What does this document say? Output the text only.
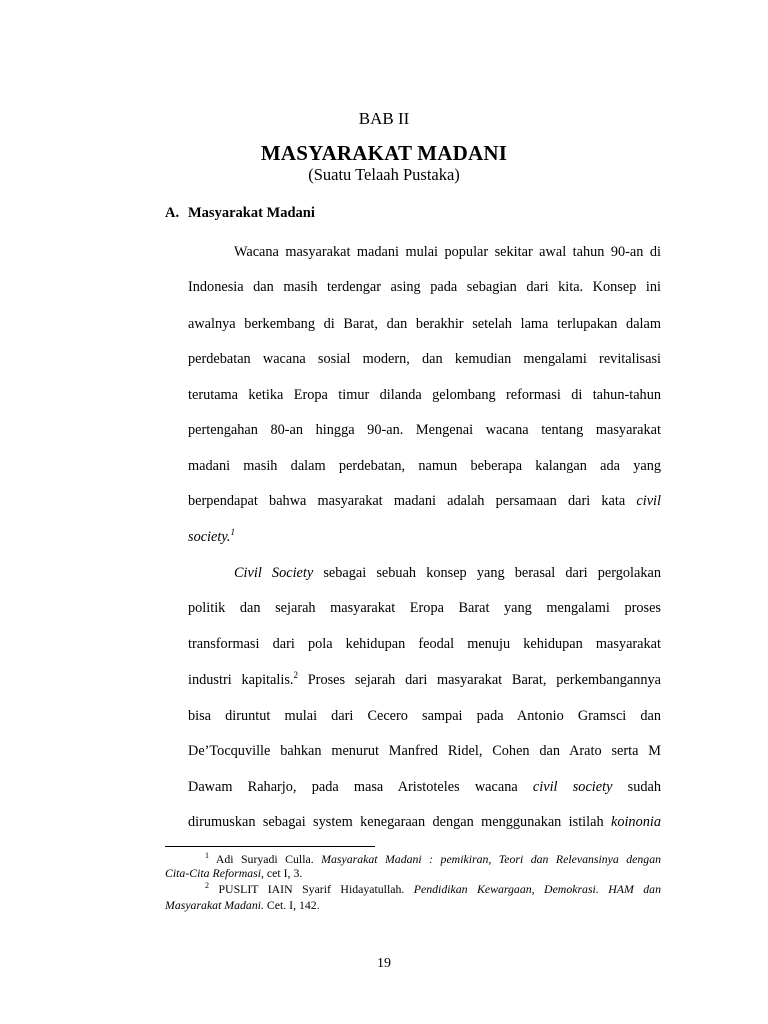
BAB II
MASYARAKAT MADANI
(Suatu Telaah Pustaka)
A. Masyarakat Madani
Wacana masyarakat madani mulai popular sekitar awal tahun 90-an di
Indonesia dan masih terdengar asing pada sebagian dari kita. Konsep ini
awalnya berkembang di Barat, dan berakhir setelah lama terlupakan dalam
perdebatan wacana sosial modern, dan kemudian mengalami revitalisasi
terutama ketika Eropa timur dilanda gelombang reformasi di tahun-tahun
pertengahan 80-an hingga 90-an. Mengenai wacana tentang masyarakat
madani masih dalam perdebatan, namun beberapa kalangan ada yang
berpendapat bahwa masyarakat madani adalah persamaan dari kata civil
society.$^1$
Civil Society sebagai sebuah konsep yang berasal dari pergolakan
politik dan sejarah masyarakat Eropa Barat yang mengalami proses
transformasi dari pola kehidupan feodal menuju kehidupan masyarakat
industri kapitalis.$^2$ Proses sejarah dari masyarakat Barat, perkembangannya
bisa diruntut mulai dari Cecero sampai pada Antonio Gramsci dan
De’Tocquville bahkan menurut Manfred Ridel, Cohen dan Arato serta M
Dawam Raharjo, pada masa Aristoteles wacana civil society sudah
dirumuskan sebagai system kenegaraan dengan menggunakan istilah koinonia
$^1$ Adi Suryadi Culla. Masyarakat Madani : pemikiran, Teori dan Relevansinya dengan
Cita-Cita Reformasi, cet I, 3.
$^2$ PUSLIT IAIN Syarif Hidayatullah. Pendidikan Kewargaan, Demokrasi. HAM dan
Masyarakat Madani. Cet. I, 142.
19
